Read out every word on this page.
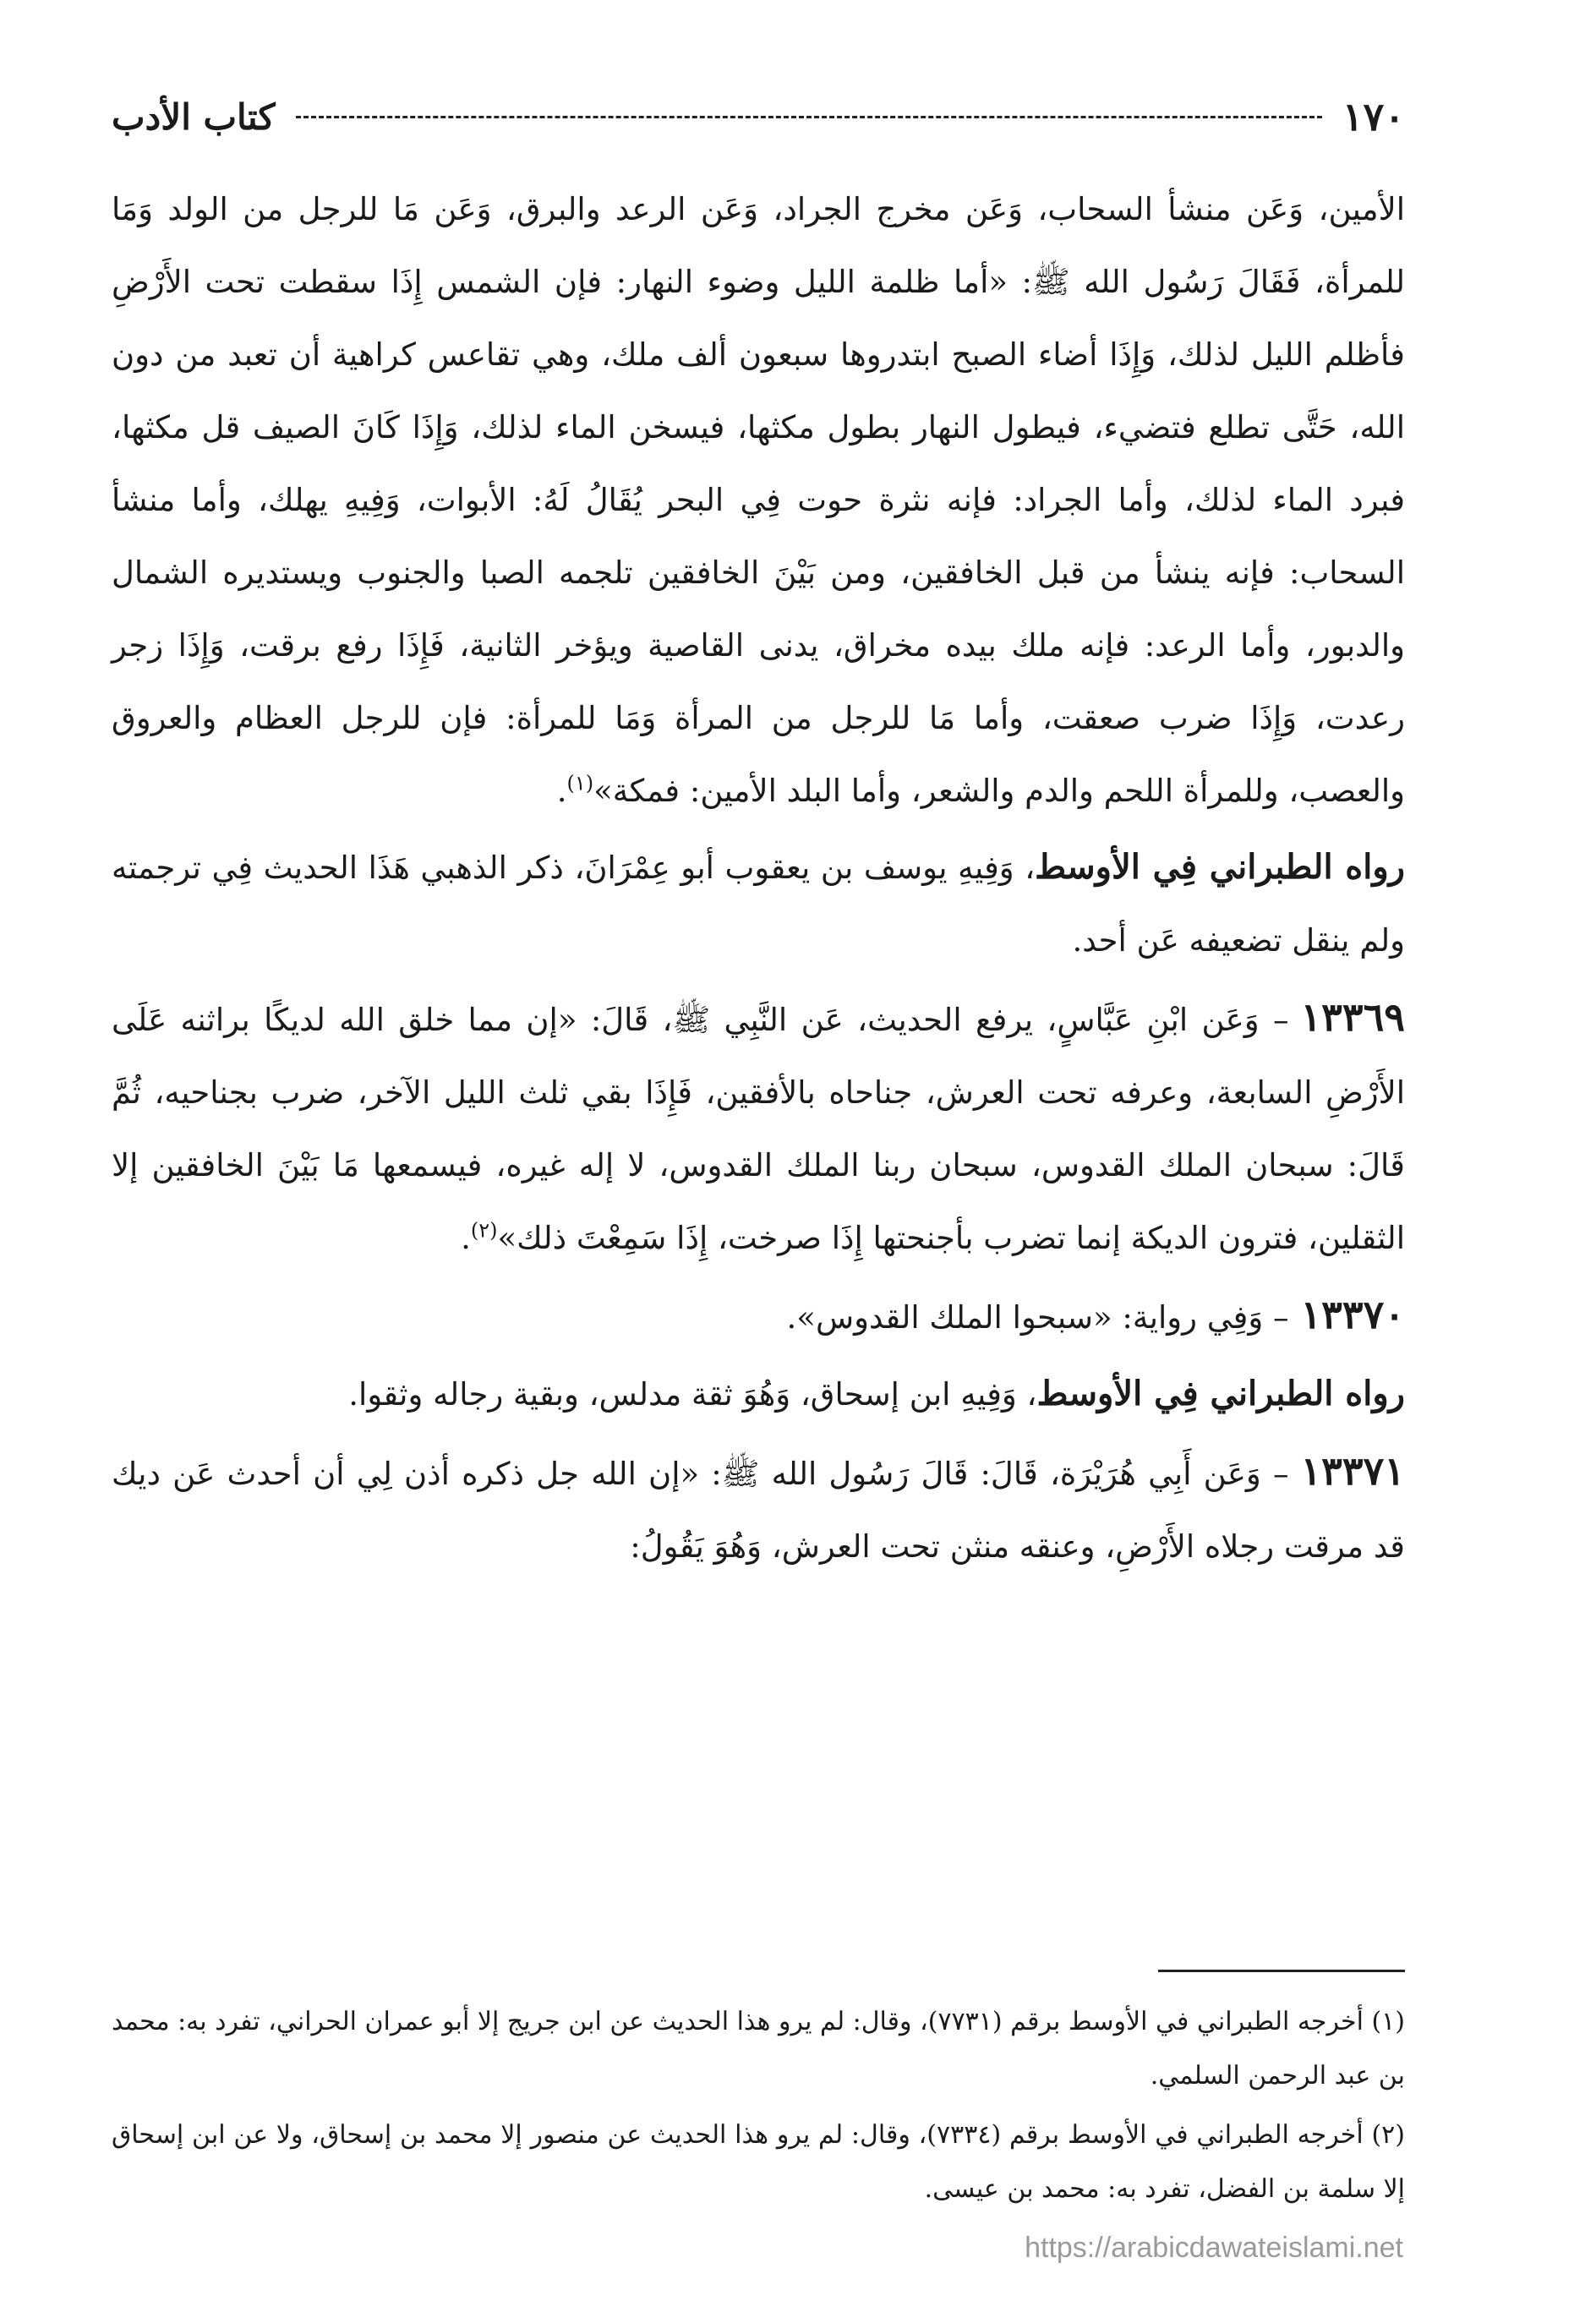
١٧٠
كتاب الأدب

الأمين، وَعَن منشأ السحاب، وَعَن مخرج الجراد، وَعَن الرعد والبرق، وَعَن مَا للرجل من الولد وَمَا للمرأة، فَقَالَ رَسُول الله ﷺ: «أما ظلمة الليل وضوء النهار: فإن الشمس إِذَا سقطت تحت الأَرْضِ فأظلم الليل لذلك، وَإِذَا أضاء الصبح ابتدروها سبعون ألف ملك، وهي تقاعس كراهية أن تعبد من دون الله، حَتَّى تطلع فتضيء، فيطول النهار بطول مكثها، فيسخن الماء لذلك، وَإِذَا كَانَ الصيف قل مكثها، فبرد الماء لذلك، وأما الجراد: فإنه نثرة حوت فِي البحر يُقَالُ لَهُ: الأبوات، وَفِيهِ يهلك، وأما منشأ السحاب: فإنه ينشأ من قبل الخافقين، ومن بَيْنَ الخافقين تلجمه الصبا والجنوب ويستديره الشمال والدبور، وأما الرعد: فإنه ملك بيده مخراق، يدنى القاصية ويؤخر الثانية، فَإِذَا رفع برقت، وَإِذَا زجر رعدت، وَإِذَا ضرب صعقت، وأما مَا للرجل من المرأة وَمَا للمرأة: فإن للرجل العظام والعروق والعصب، وللمرأة اللحم والدم والشعر، وأما البلد الأمين: فمكة»$^{(١)}$.

رواه الطبراني فِي الأوسط، وَفِيهِ يوسف بن يعقوب أبو عِمْرَانَ، ذكر الذهبي هَذَا الحديث فِي ترجمته ولم ينقل تضعيفه عَن أحد.

١٣٣٦٩– وَعَن ابْنِ عَبَّاسٍ، يرفع الحديث، عَن النَّبِي ﷺ، قَالَ: «إن مما خلق الله لديكًا براثنه عَلَى الأَرْضِ السابعة، وعرفه تحت العرش، جناحاه بالأفقين، فَإِذَا بقي ثلث الليل الآخر، ضرب بجناحيه، ثُمَّ قَالَ: سبحان الملك القدوس، سبحان ربنا الملك القدوس، لا إله غيره، فيسمعها مَا بَيْنَ الخافقين إلا الثقلين، فترون الديكة إنما تضرب بأجنحتها إِذَا صرخت، إِذَا سَمِعْتَ ذلك»$^{(٢)}$.

١٣٣٧٠– وَفِي رواية: «سبحوا الملك القدوس».

رواه الطبراني فِي الأوسط، وَفِيهِ ابن إسحاق، وَهُوَ ثقة مدلس، وبقية رجاله وثقوا.

١٣٣٧١– وَعَن أَبِي هُرَيْرَة، قَالَ: قَالَ رَسُول الله ﷺ: «إن الله جل ذكره أذن لِي أن أحدث عَن ديك قد مرقت رجلاه الأَرْضِ، وعنقه منثن تحت العرش، وَهُوَ يَقُولُ:

(١) أخرجه الطبراني في الأوسط برقم (٧٧٣١)، وقال: لم يرو هذا الحديث عن ابن جريج إلا أبو عمران الحراني، تفرد به: محمد بن عبد الرحمن السلمي.

(٢) أخرجه الطبراني في الأوسط برقم (٧٣٣٤)، وقال: لم يرو هذا الحديث عن منصور إلا محمد بن إسحاق، ولا عن ابن إسحاق إلا سلمة بن الفضل، تفرد به: محمد بن عيسى.

https://arabicdawateislami.net
